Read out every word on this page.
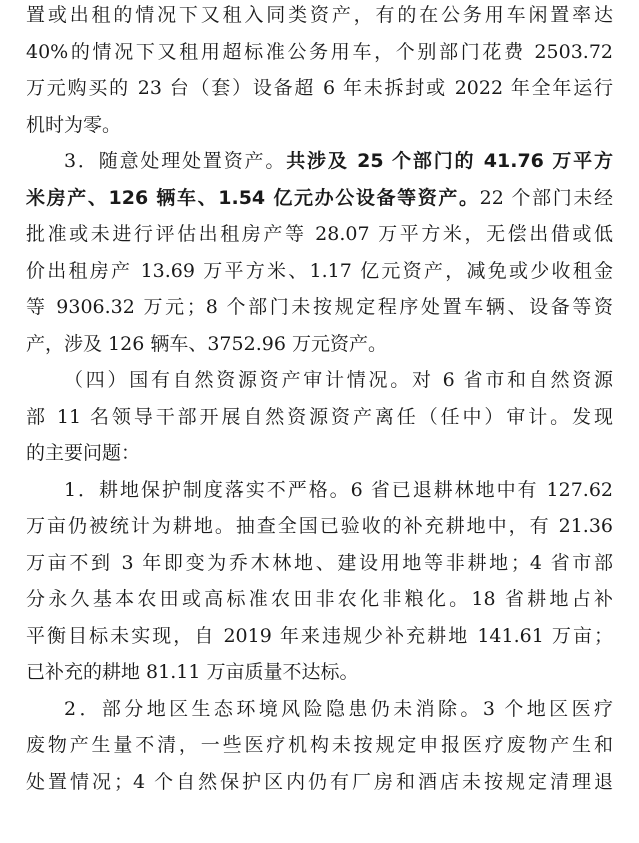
置或出租的情况下又租入同类资产，有的在公务用车闲置率达
40%的情况下又租用超标准公务用车，个别部门花费 2503.72
万元购买的 23 台（套）设备超 6 年未拆封或 2022 年全年运行
机时为零。
3．随意处理处置资产。共涉及 25 个部门的 41.76 万平方
米房产、126 辆车、1.54 亿元办公设备等资产。22 个部门未经
批准或未进行评估出租房产等 28.07 万平方米，无偿出借或低
价出租房产 13.69 万平方米、1.17 亿元资产，减免或少收租金
等 9306.32 万元；8 个部门未按规定程序处置车辆、设备等资
产，涉及 126 辆车、3752.96 万元资产。
（四）国有自然资源资产审计情况。对 6 省市和自然资源
部 11 名领导干部开展自然资源资产离任（任中）审计。发现
的主要问题：
1．耕地保护制度落实不严格。6 省已退耕林地中有 127.62
万亩仍被统计为耕地。抽查全国已验收的补充耕地中，有 21.36
万亩不到 3 年即变为乔木林地、建设用地等非耕地；4 省市部
分永久基本农田或高标准农田非农化非粮化。18 省耕地占补
平衡目标未实现，自 2019 年来违规少补充耕地 141.61 万亩；
已补充的耕地 81.11 万亩质量不达标。
2．部分地区生态环境风险隐患仍未消除。3 个地区医疗
废物产生量不清，一些医疗机构未按规定申报医疗废物产生和
处置情况；4 个自然保护区内仍有厂房和酒店未按规定清理退
